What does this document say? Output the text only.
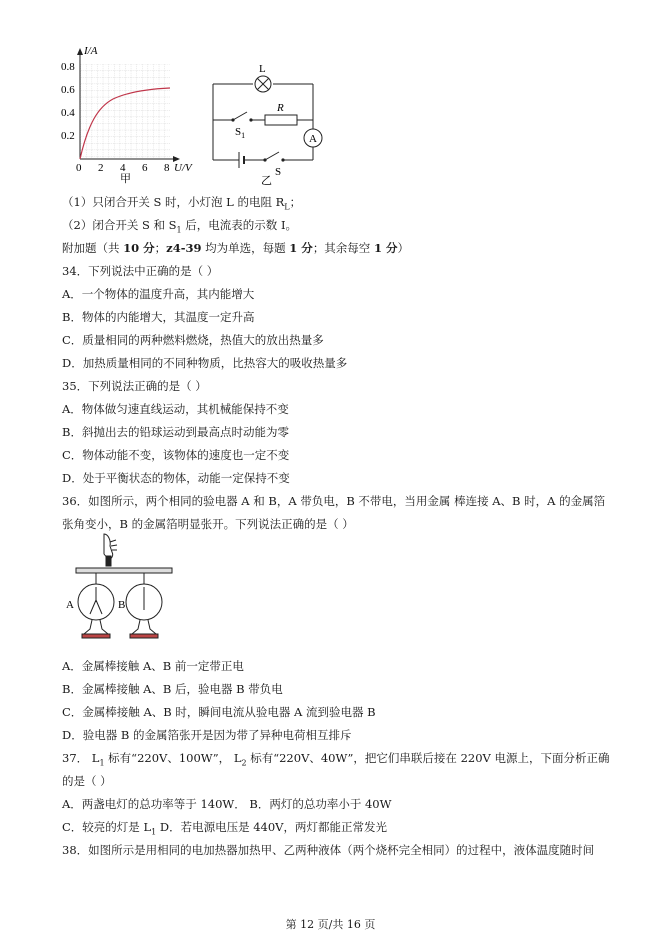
I/A
0.8
0.6
0.4
0.2
0 2 4 6 8 U/V
甲
L
R
$S_1$	A
S
乙
（1）只闭合开关 S 时，小灯泡 L 的电阻 $R_L$；
（2）闭合开关 S 和 $S_1$ 后，电流表的示数 I。
附加题（共 10 分；z4-39 均为单选，每题 1 分；其余每空 1 分）
34．下列说法中正确的是（ ）
A．一个物体的温度升高，其内能增大
B．物体的内能增大，其温度一定升高
C．质量相同的两种燃料燃烧，热值大的放出热量多
D．加热质量相同的不同种物质，比热容大的吸收热量多
35．下列说法正确的是（ ）
A．物体做匀速直线运动，其机械能保持不变
B．斜抛出去的铅球运动到最高点时动能为零
C．物体动能不变，该物体的速度也一定不变
D．处于平衡状态的物体，动能一定保持不变
36．如图所示，两个相同的验电器 A 和 B，A 带负电，B 不带电，当用金属 棒连接 A、B 时，A 的金属箔
张角变小，B 的金属箔明显张开。下列说法正确的是（ ）
A	B
A．金属棒接触 A、B 前一定带正电
B．金属棒接触 A、B 后，验电器 B 带负电
C．金属棒接触 A、B 时，瞬间电流从验电器 A 流到验电器 B
D．验电器 B 的金属箔张开是因为带了异种电荷相互排斥
37． $L_1$ 标有“220V、100W”， $L_2$ 标有“220V、40W”，把它们串联后接在 220V 电源上，下面分析正确
的是（ ）
A．两盏电灯的总功率等于 140W． B．两灯的总功率小于 40W
C．较亮的灯是 $L_1$ D．若电源电压是 440V，两灯都能正常发光
38．如图所示是用相同的电加热器加热甲、乙两种液体（两个烧杯完全相同）的过程中，液体温度随时间
第 12 页/共 16 页
